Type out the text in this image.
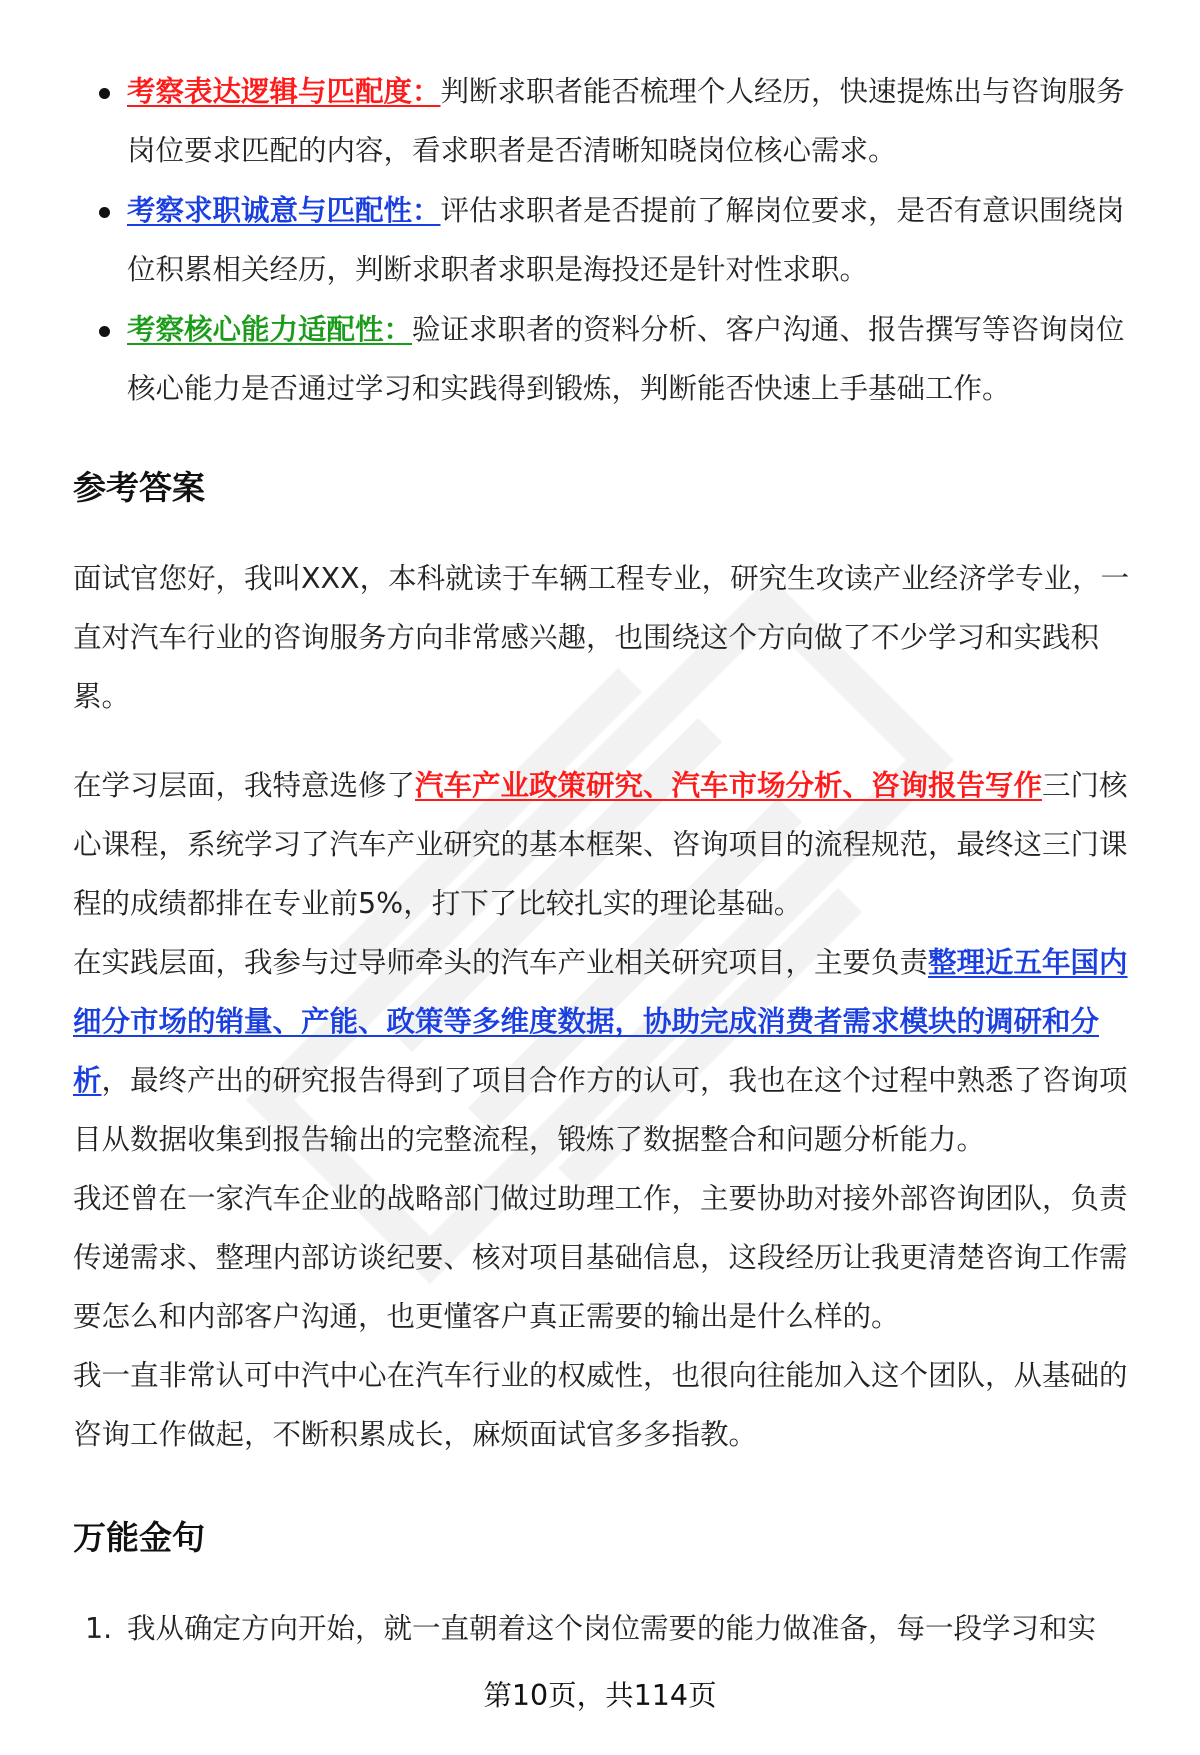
考察表达逻辑与匹配度：判断求职者能否梳理个人经历，快速提炼出与咨询服务岗位要求匹配的内容，看求职者是否清晰知晓岗位核心需求。
考察求职诚意与匹配性：评估求职者是否提前了解岗位要求，是否有意识围绕岗位积累相关经历，判断求职者求职是海投还是针对性求职。
考察核心能力适配性：验证求职者的资料分析、客户沟通、报告撰写等咨询岗位核心能力是否通过学习和实践得到锻炼，判断能否快速上手基础工作。
参考答案

面试官您好，我叫XXX，本科就读于车辆工程专业，研究生攻读产业经济学专业，一直对汽车行业的咨询服务方向非常感兴趣，也围绕这个方向做了不少学习和实践积累。

在学习层面，我特意选修了汽车产业政策研究、汽车市场分析、咨询报告写作三门核心课程，系统学习了汽车产业研究的基本框架、咨询项目的流程规范，最终这三门课程的成绩都排在专业前5%，打下了比较扎实的理论基础。

在实践层面，我参与过导师牵头的汽车产业相关研究项目，主要负责整理近五年国内细分市场的销量、产能、政策等多维度数据，协助完成消费者需求模块的调研和分析，最终产出的研究报告得到了项目合作方的认可，我也在这个过程中熟悉了咨询项目从数据收集到报告输出的完整流程，锻炼了数据整合和问题分析能力。

我还曾在一家汽车企业的战略部门做过助理工作，主要协助对接外部咨询团队，负责传递需求、整理内部访谈纪要、核对项目基础信息，这段经历让我更清楚咨询工作需要怎么和内部客户沟通，也更懂客户真正需要的输出是什么样的。

我一直非常认可中汽中心在汽车行业的权威性，也很向往能加入这个团队，从基础的咨询工作做起，不断积累成长，麻烦面试官多多指教。

万能金句
1. 我从确定方向开始，就一直朝着这个岗位需要的能力做准备，每一段学习和实
第10页，共114页
